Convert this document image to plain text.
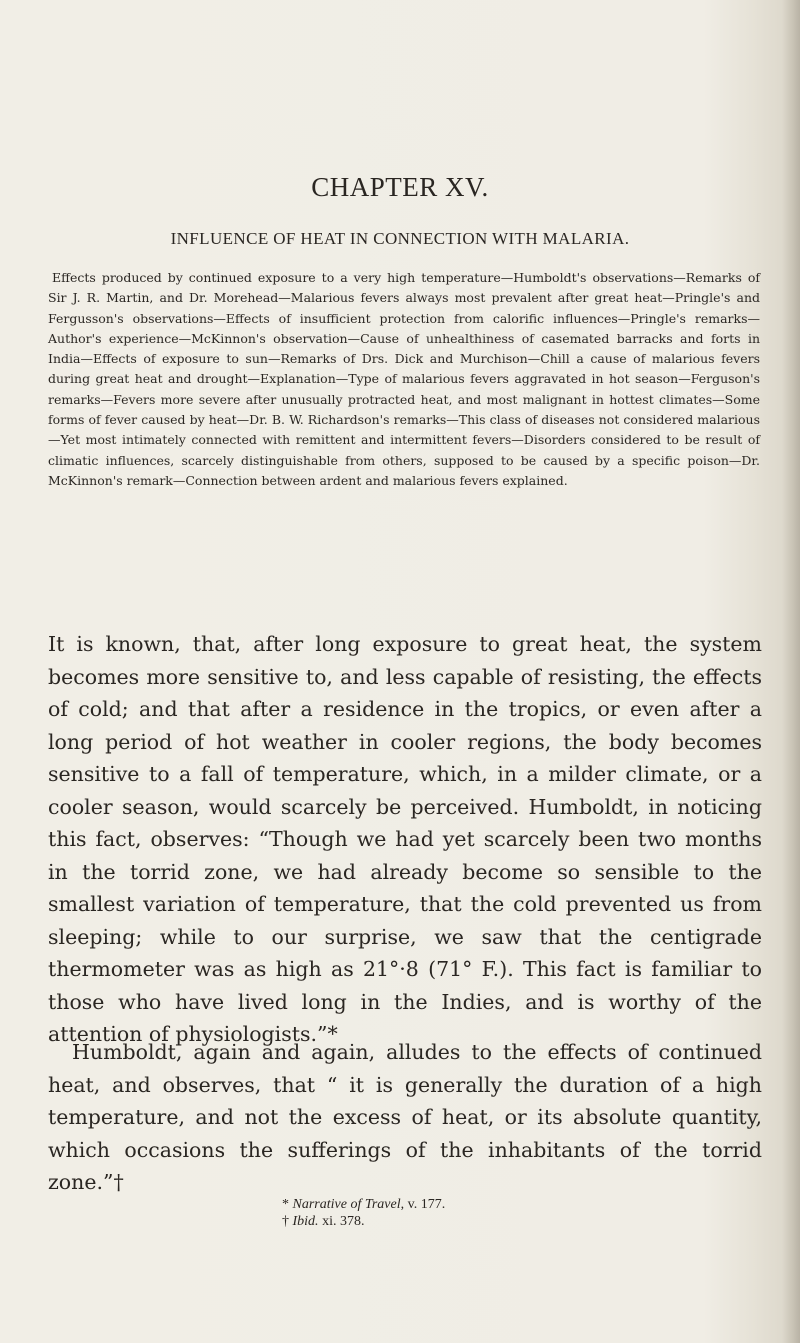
CHAPTER XV.
INFLUENCE OF HEAT IN CONNECTION WITH MALARIA.

Effects produced by continued exposure to a very high temperature—Humboldt's observations—Remarks of Sir J. R. Martin, and Dr. Morehead—Malarious fevers always most prevalent after great heat—Pringle's and Fergusson's observations—Effects of insufficient protection from calorific influences—Pringle's remarks—Author's experience—McKinnon's observation—Cause of unhealthiness of casemated barracks and forts in India—Effects of exposure to sun—Remarks of Drs. Dick and Murchison—Chill a cause of malarious fevers during great heat and drought—Explanation—Type of malarious fevers aggravated in hot season—Ferguson's remarks—Fevers more severe after unusually protracted heat, and most malignant in hottest climates—Some forms of fever caused by heat—Dr. B. W. Richardson's remarks—This class of diseases not considered malarious—Yet most intimately connected with remittent and intermittent fevers—Disorders considered to be result of climatic influences, scarcely distinguishable from others, supposed to be caused by a specific poison—Dr. McKinnon's remark—Connection between ardent and malarious fevers explained.

It is known, that, after long exposure to great heat, the system becomes more sensitive to, and less capable of resisting, the effects of cold; and that after a residence in the tropics, or even after a long period of hot weather in cooler regions, the body becomes sensitive to a fall of temperature, which, in a milder climate, or a cooler season, would scarcely be perceived. Humboldt, in noticing this fact, observes: “Though we had yet scarcely been two months in the torrid zone, we had already become so sensible to the smallest variation of temperature, that the cold prevented us from sleeping; while to our surprise, we saw that the centigrade thermometer was as high as 21°·8 (71° F.). This fact is familiar to those who have lived long in the Indies, and is worthy of the attention of physiologists.”*

Humboldt, again and again, alludes to the effects of continued heat, and observes, that “ it is generally the duration of a high temperature, and not the excess of heat, or its absolute quantity, which occasions the sufferings of the inhabitants of the torrid zone.”†

* Narrative of Travel, v. 177.
† Ibid. xi. 378.
